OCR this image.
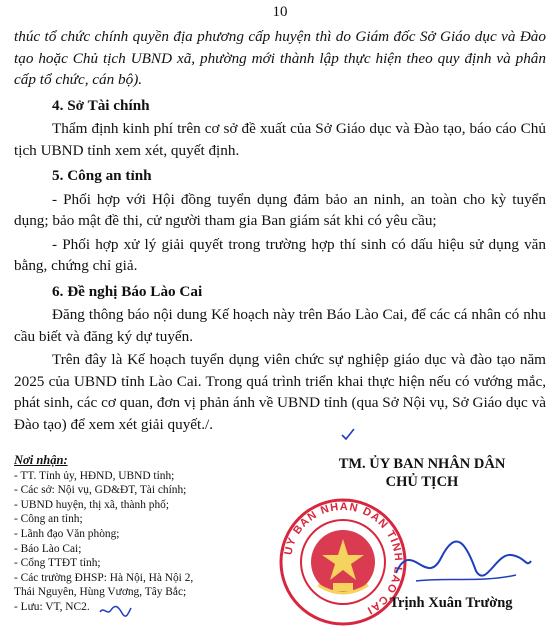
10

thúc tổ chức chính quyền địa phương cấp huyện thì do Giám đốc Sở Giáo dục và Đào tạo hoặc Chủ tịch UBND xã, phường mới thành lập thực hiện theo quy định và phân cấp tổ chức, cán bộ).

4. Sở Tài chính

Thẩm định kinh phí trên cơ sở đề xuất của Sở Giáo dục và Đào tạo, báo cáo Chủ tịch UBND tỉnh xem xét, quyết định.

5. Công an tỉnh

- Phối hợp với Hội đồng tuyển dụng đảm bảo an ninh, an toàn cho kỳ tuyển dụng; bảo mật đề thi, cử người tham gia Ban giám sát khi có yêu cầu;

- Phối hợp xử lý giải quyết trong trường hợp thí sinh có dấu hiệu sử dụng văn bằng, chứng chỉ giả.

6. Đề nghị Báo Lào Cai

Đăng thông báo nội dung Kế hoạch này trên Báo Lào Cai, để các cá nhân có nhu cầu biết và đăng ký dự tuyển.

Trên đây là Kế hoạch tuyển dụng viên chức sự nghiệp giáo dục và đào tạo năm 2025 của UBND tỉnh Lào Cai. Trong quá trình triển khai thực hiện nếu có vướng mắc, phát sinh, các cơ quan, đơn vị phản ánh về UBND tỉnh (qua Sở Nội vụ, Sở Giáo dục và Đào tạo) để xem xét giải quyết./.

Nơi nhận:
- TT. Tỉnh ủy, HĐND, UBND tỉnh;
- Các sở: Nội vụ, GD&ĐT, Tài chính;
- UBND huyện, thị xã, thành phố;
- Công an tỉnh;
- Lãnh đạo Văn phòng;
- Báo Lào Cai;
- Cổng TTĐT tỉnh;
- Các trường ĐHSP: Hà Nội, Hà Nội 2,
Thái Nguyên, Hùng Vương, Tây Bắc;
- Lưu: VT, NC2.
TM. ỦY BAN NHÂN DÂN
CHỦ TỊCH
ỦY BAN NHÂN DÂN TỈNH LÀO CAI	Trịnh Xuân Trường
